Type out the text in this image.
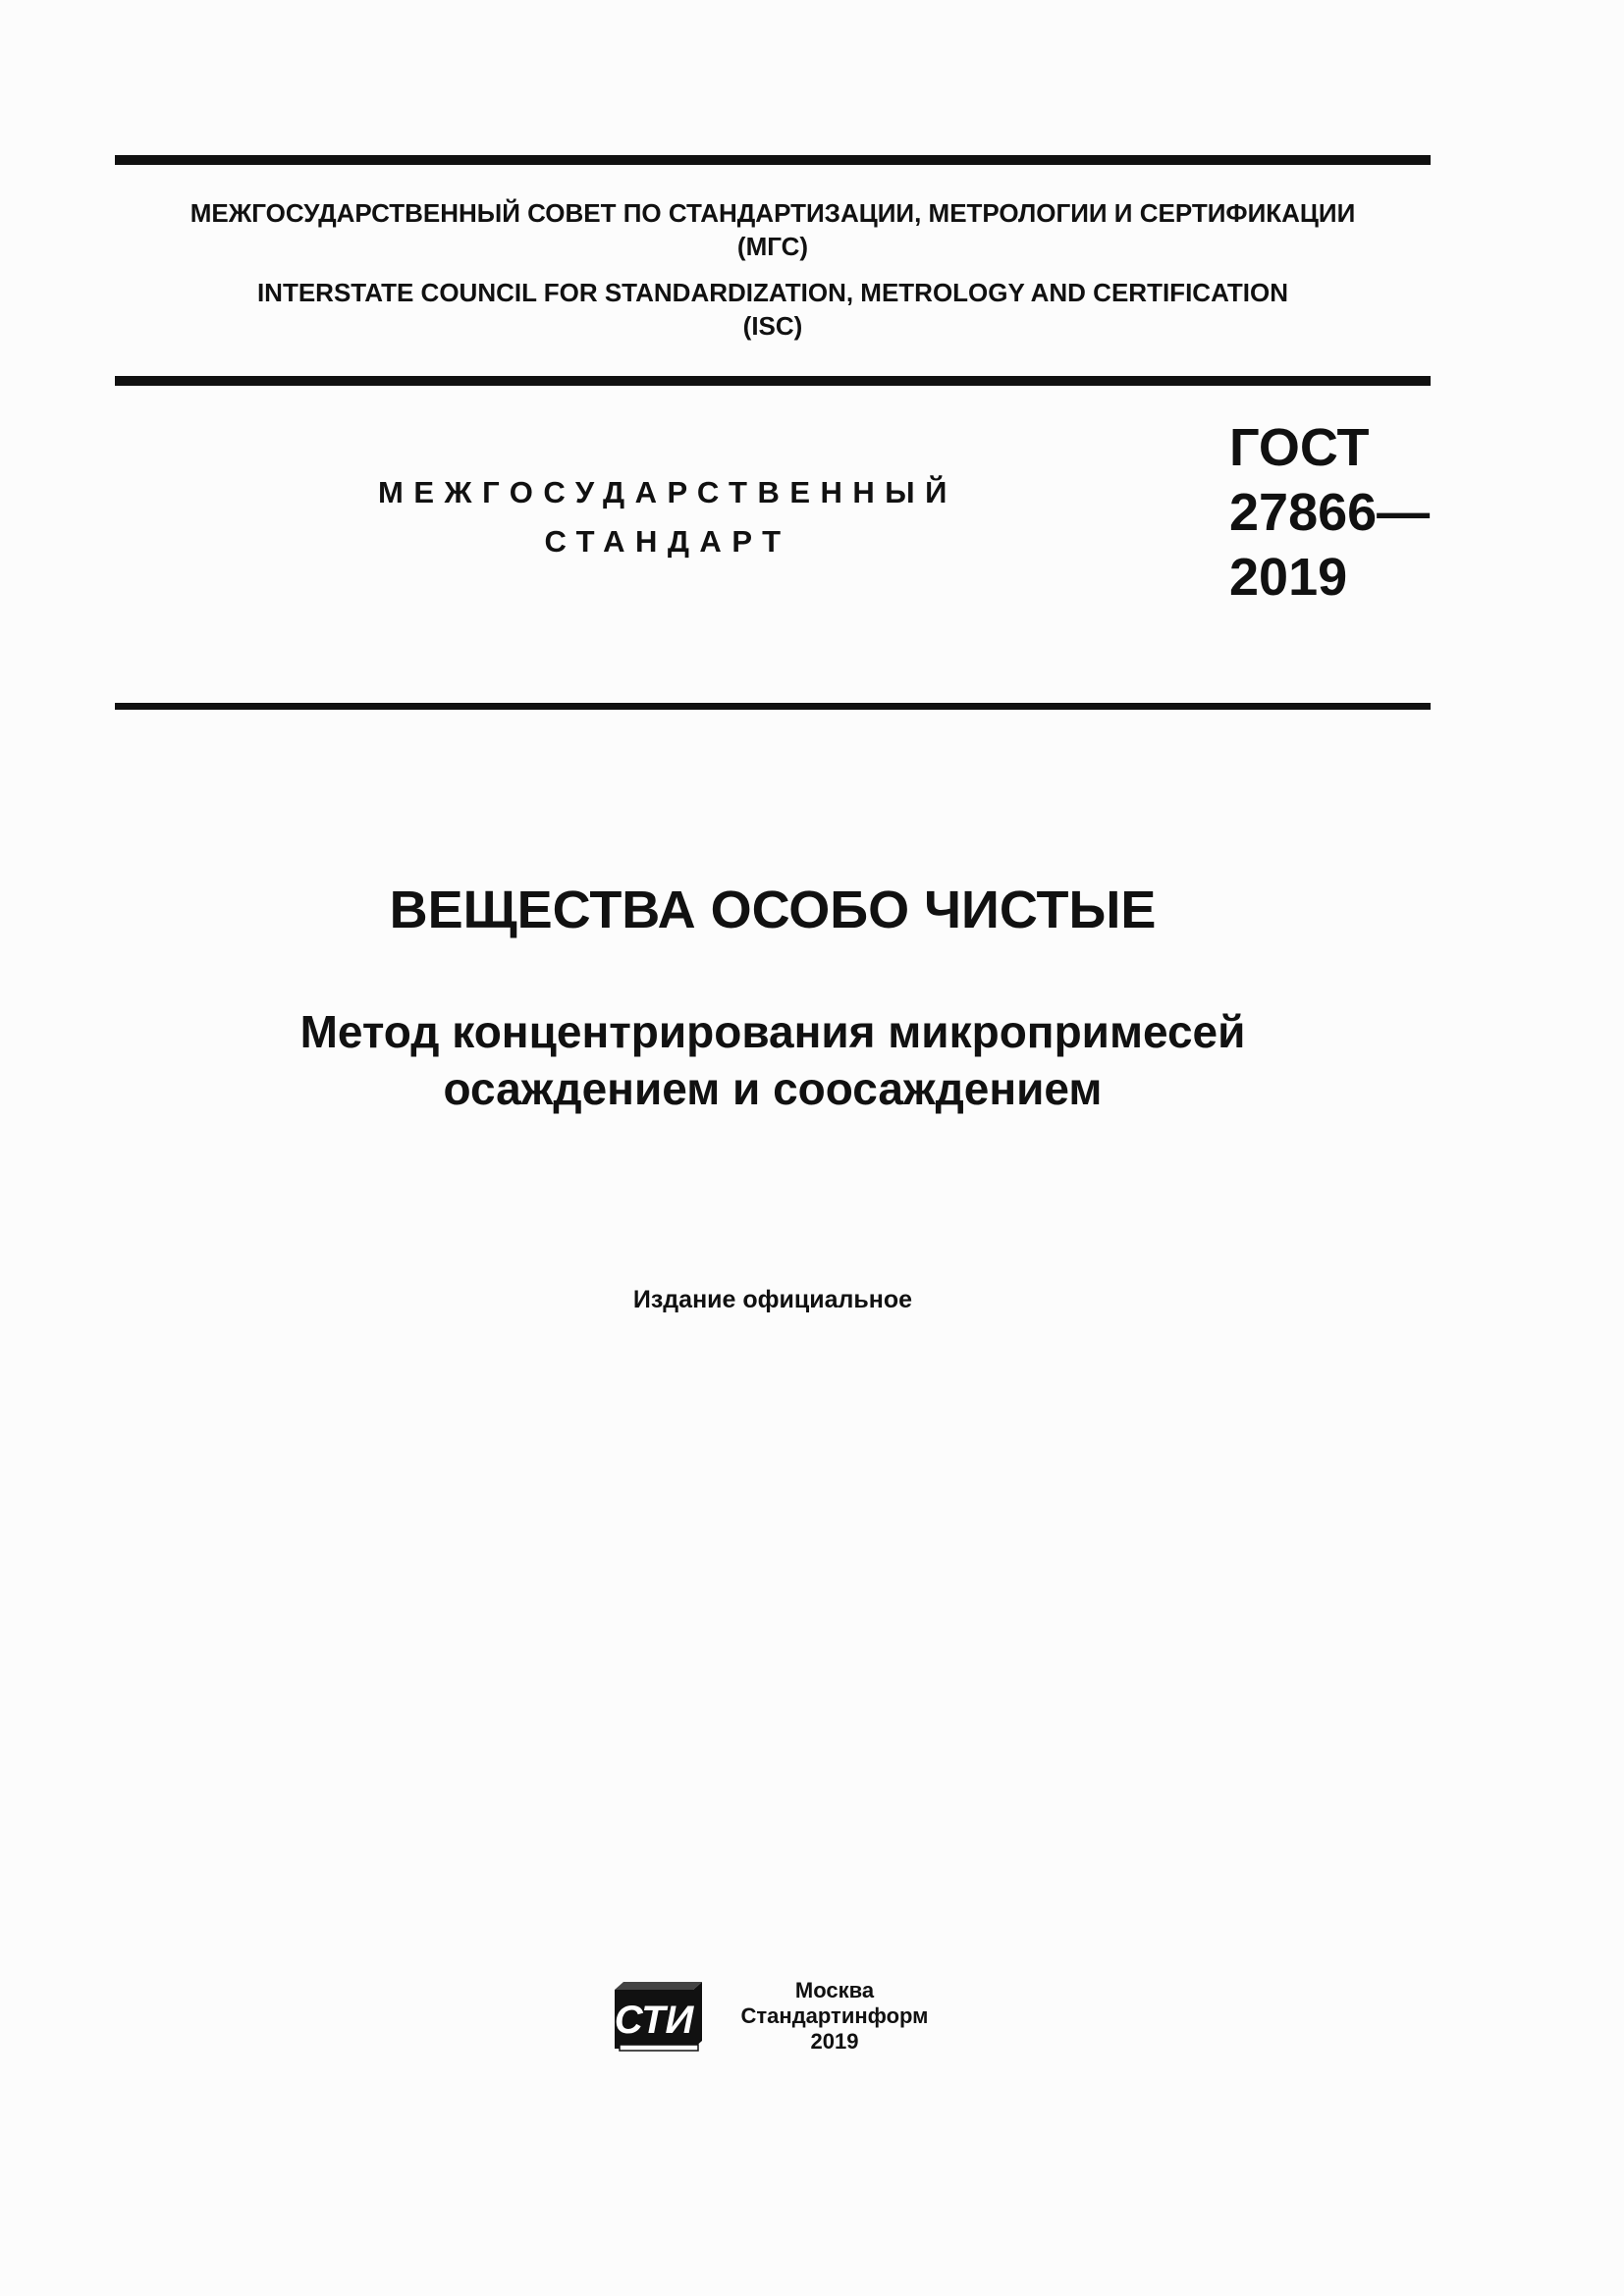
МЕЖГОСУДАРСТВЕННЫЙ СОВЕТ ПО СТАНДАРТИЗАЦИИ, МЕТРОЛОГИИ И СЕРТИФИКАЦИИ
(МГС)
INTERSTATE COUNCIL FOR STANDARDIZATION, METROLOGY AND CERTIFICATION
(ISC)
МЕЖГОСУДАРСТВЕННЫЙ
СТАНДАРТ
ГОСТ
27866—
2019
ВЕЩЕСТВА ОСОБО ЧИСТЫЕ
Метод концентрирования микропримесей
осаждением и соосаждением
Издание официальное
СТИ
Москва
Стандартинформ
2019
